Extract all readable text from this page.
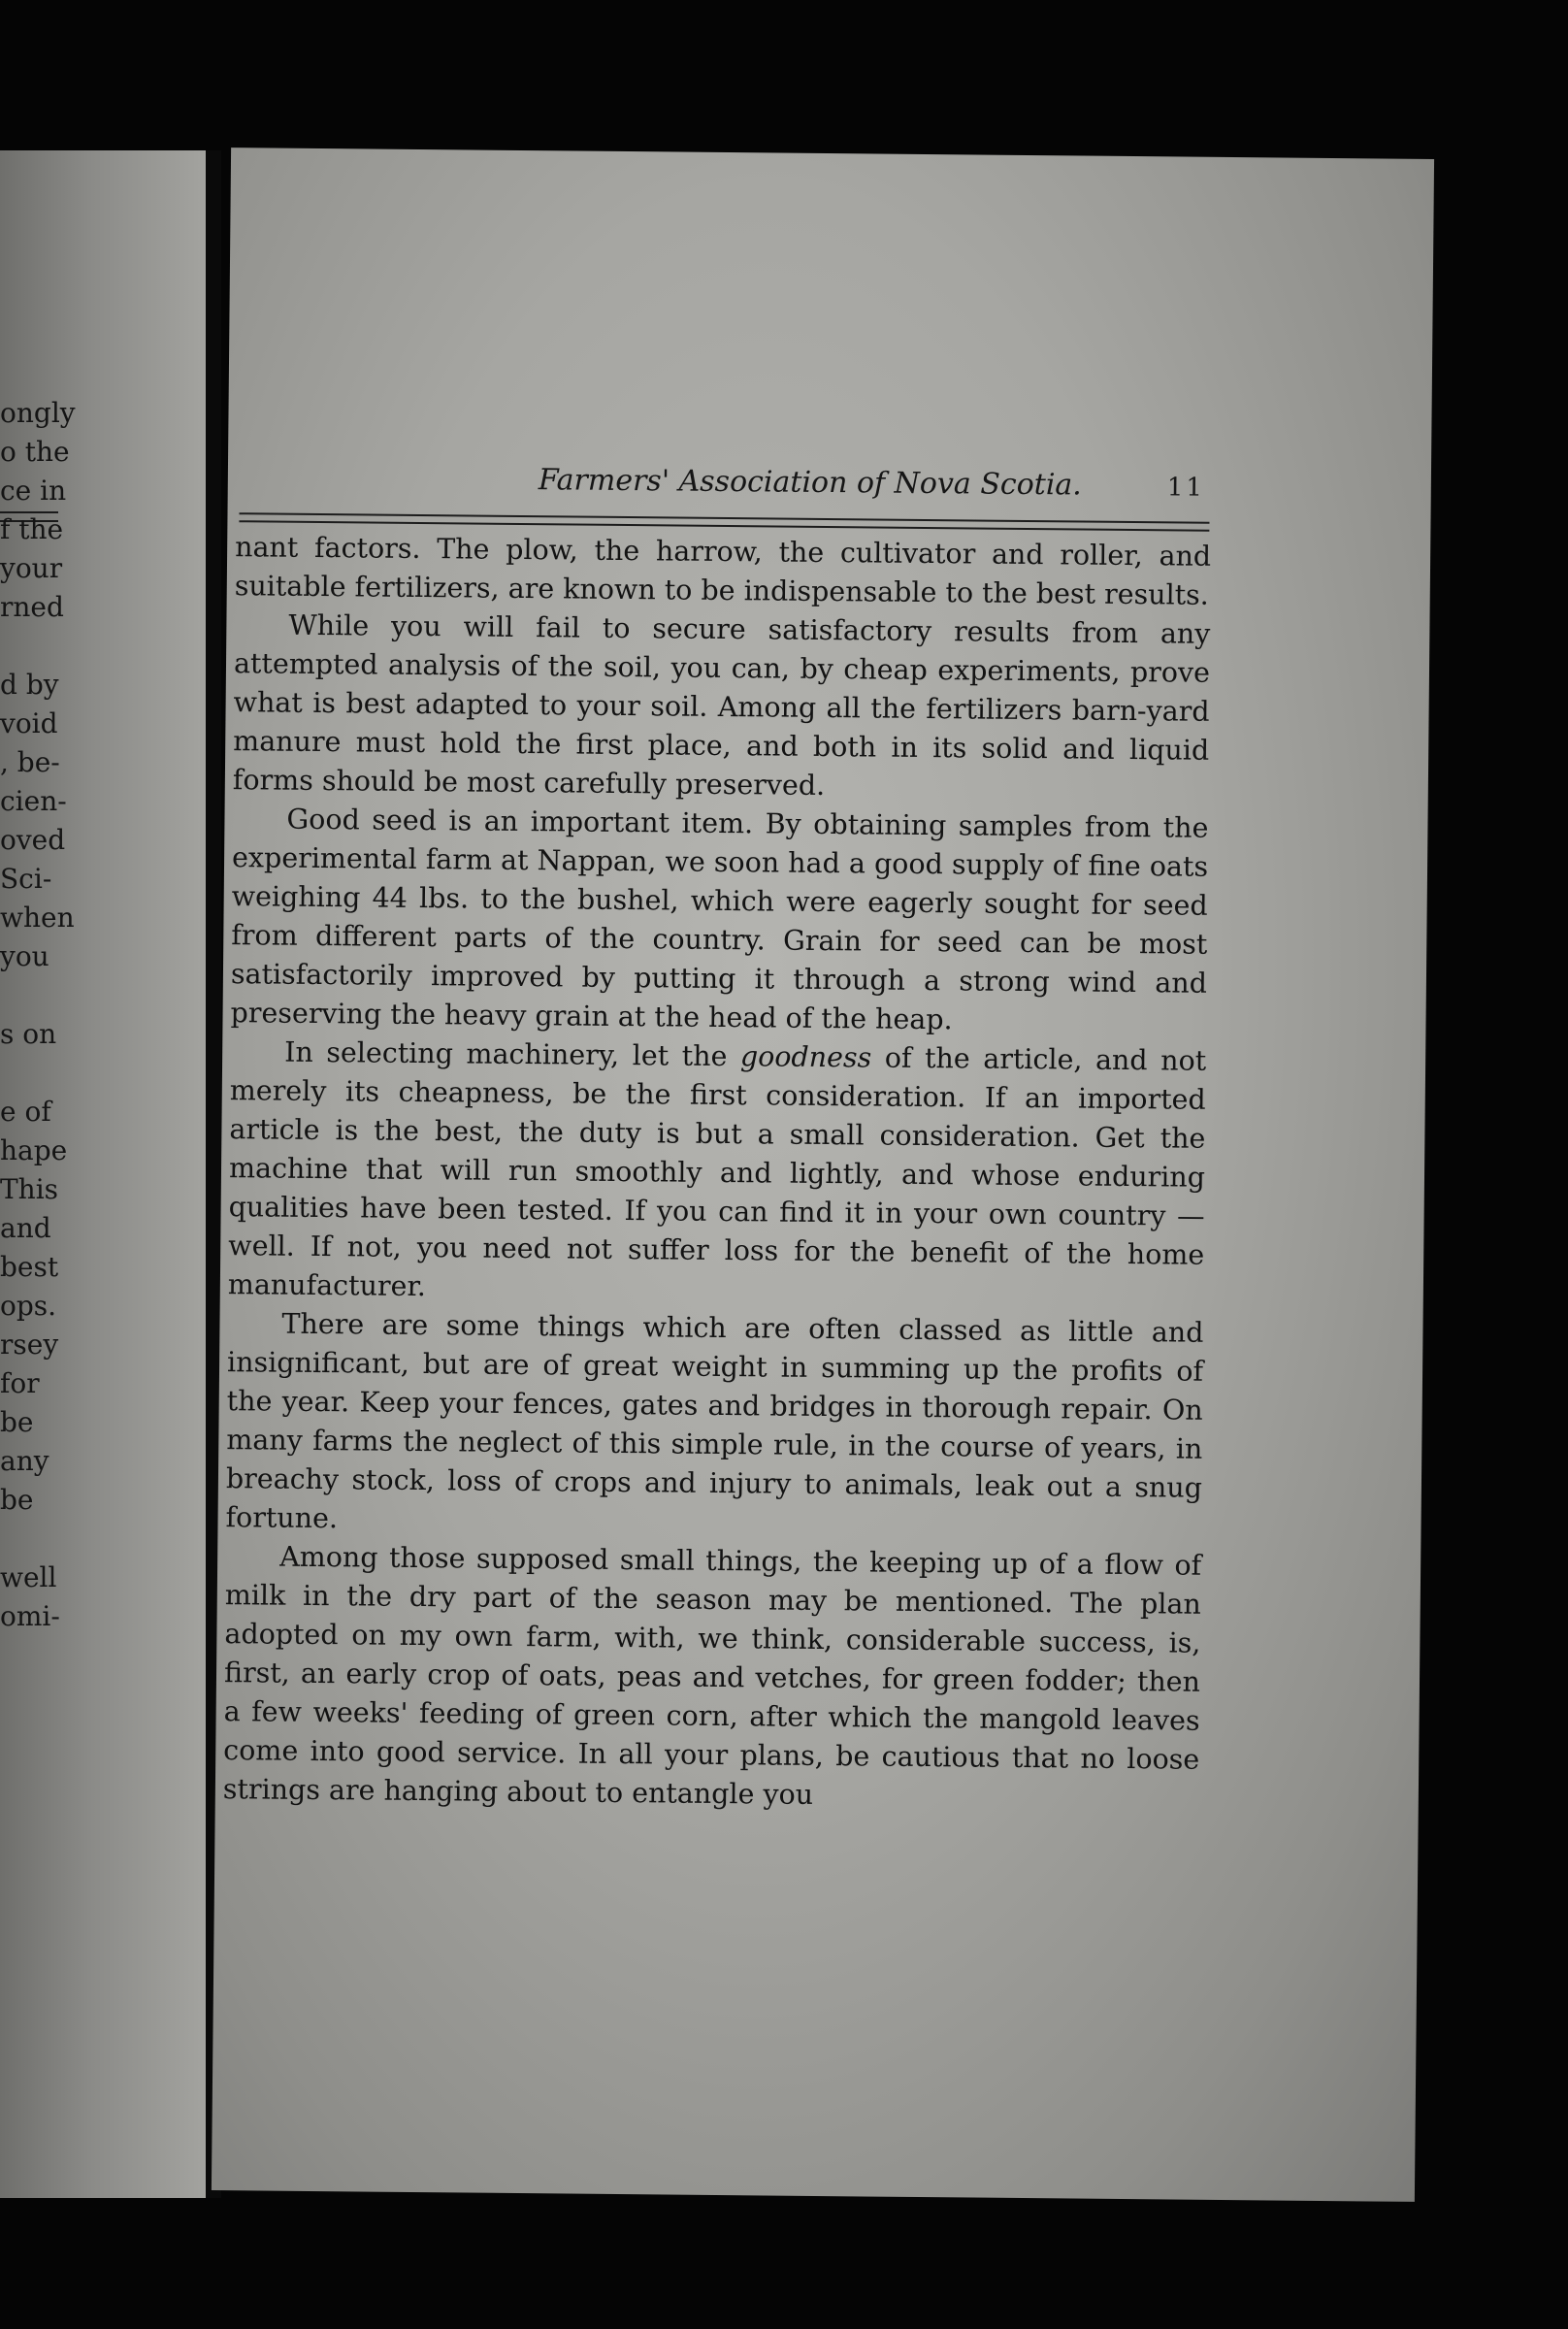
ongly
o the
ce in
f the
your
rned
d by
void
, be-
cien-
oved
Sci-
when
you
s on
e of
hape
This
and
best
ops.
rsey
for
be
any
be
well
omi-
Farmers' Association of Nova Scotia.	11

nant factors. The plow, the harrow, the cultivator and roller, and suitable fertilizers, are known to be indispensable to the best results.

While you will fail to secure satisfactory results from any attempted analysis of the soil, you can, by cheap experiments, prove what is best adapted to your soil. Among all the fertilizers barn-yard manure must hold the first place, and both in its solid and liquid forms should be most carefully preserved.

Good seed is an important item. By obtaining samples from the experimental farm at Nappan, we soon had a good supply of fine oats weighing 44 lbs. to the bushel, which were eagerly sought for seed from different parts of the country. Grain for seed can be most satisfactorily improved by putting it through a strong wind and preserving the heavy grain at the head of the heap.

In selecting machinery, let the goodness of the article, and not merely its cheapness, be the first consideration. If an imported article is the best, the duty is but a small consideration. Get the machine that will run smoothly and lightly, and whose enduring qualities have been tested. If you can find it in your own country —well. If not, you need not suffer loss for the benefit of the home manufacturer.

There are some things which are often classed as little and insignificant, but are of great weight in summing up the profits of the year. Keep your fences, gates and bridges in thorough repair. On many farms the neglect of this simple rule, in the course of years, in breachy stock, loss of crops and injury to animals, leak out a snug fortune.

Among those supposed small things, the keeping up of a flow of milk in the dry part of the season may be mentioned. The plan adopted on my own farm, with, we think, considerable success, is, first, an early crop of oats, peas and vetches, for green fodder; then a few weeks' feeding of green corn, after which the mangold leaves come into good service. In all your plans, be cautious that no loose strings are hanging about to entangle you
